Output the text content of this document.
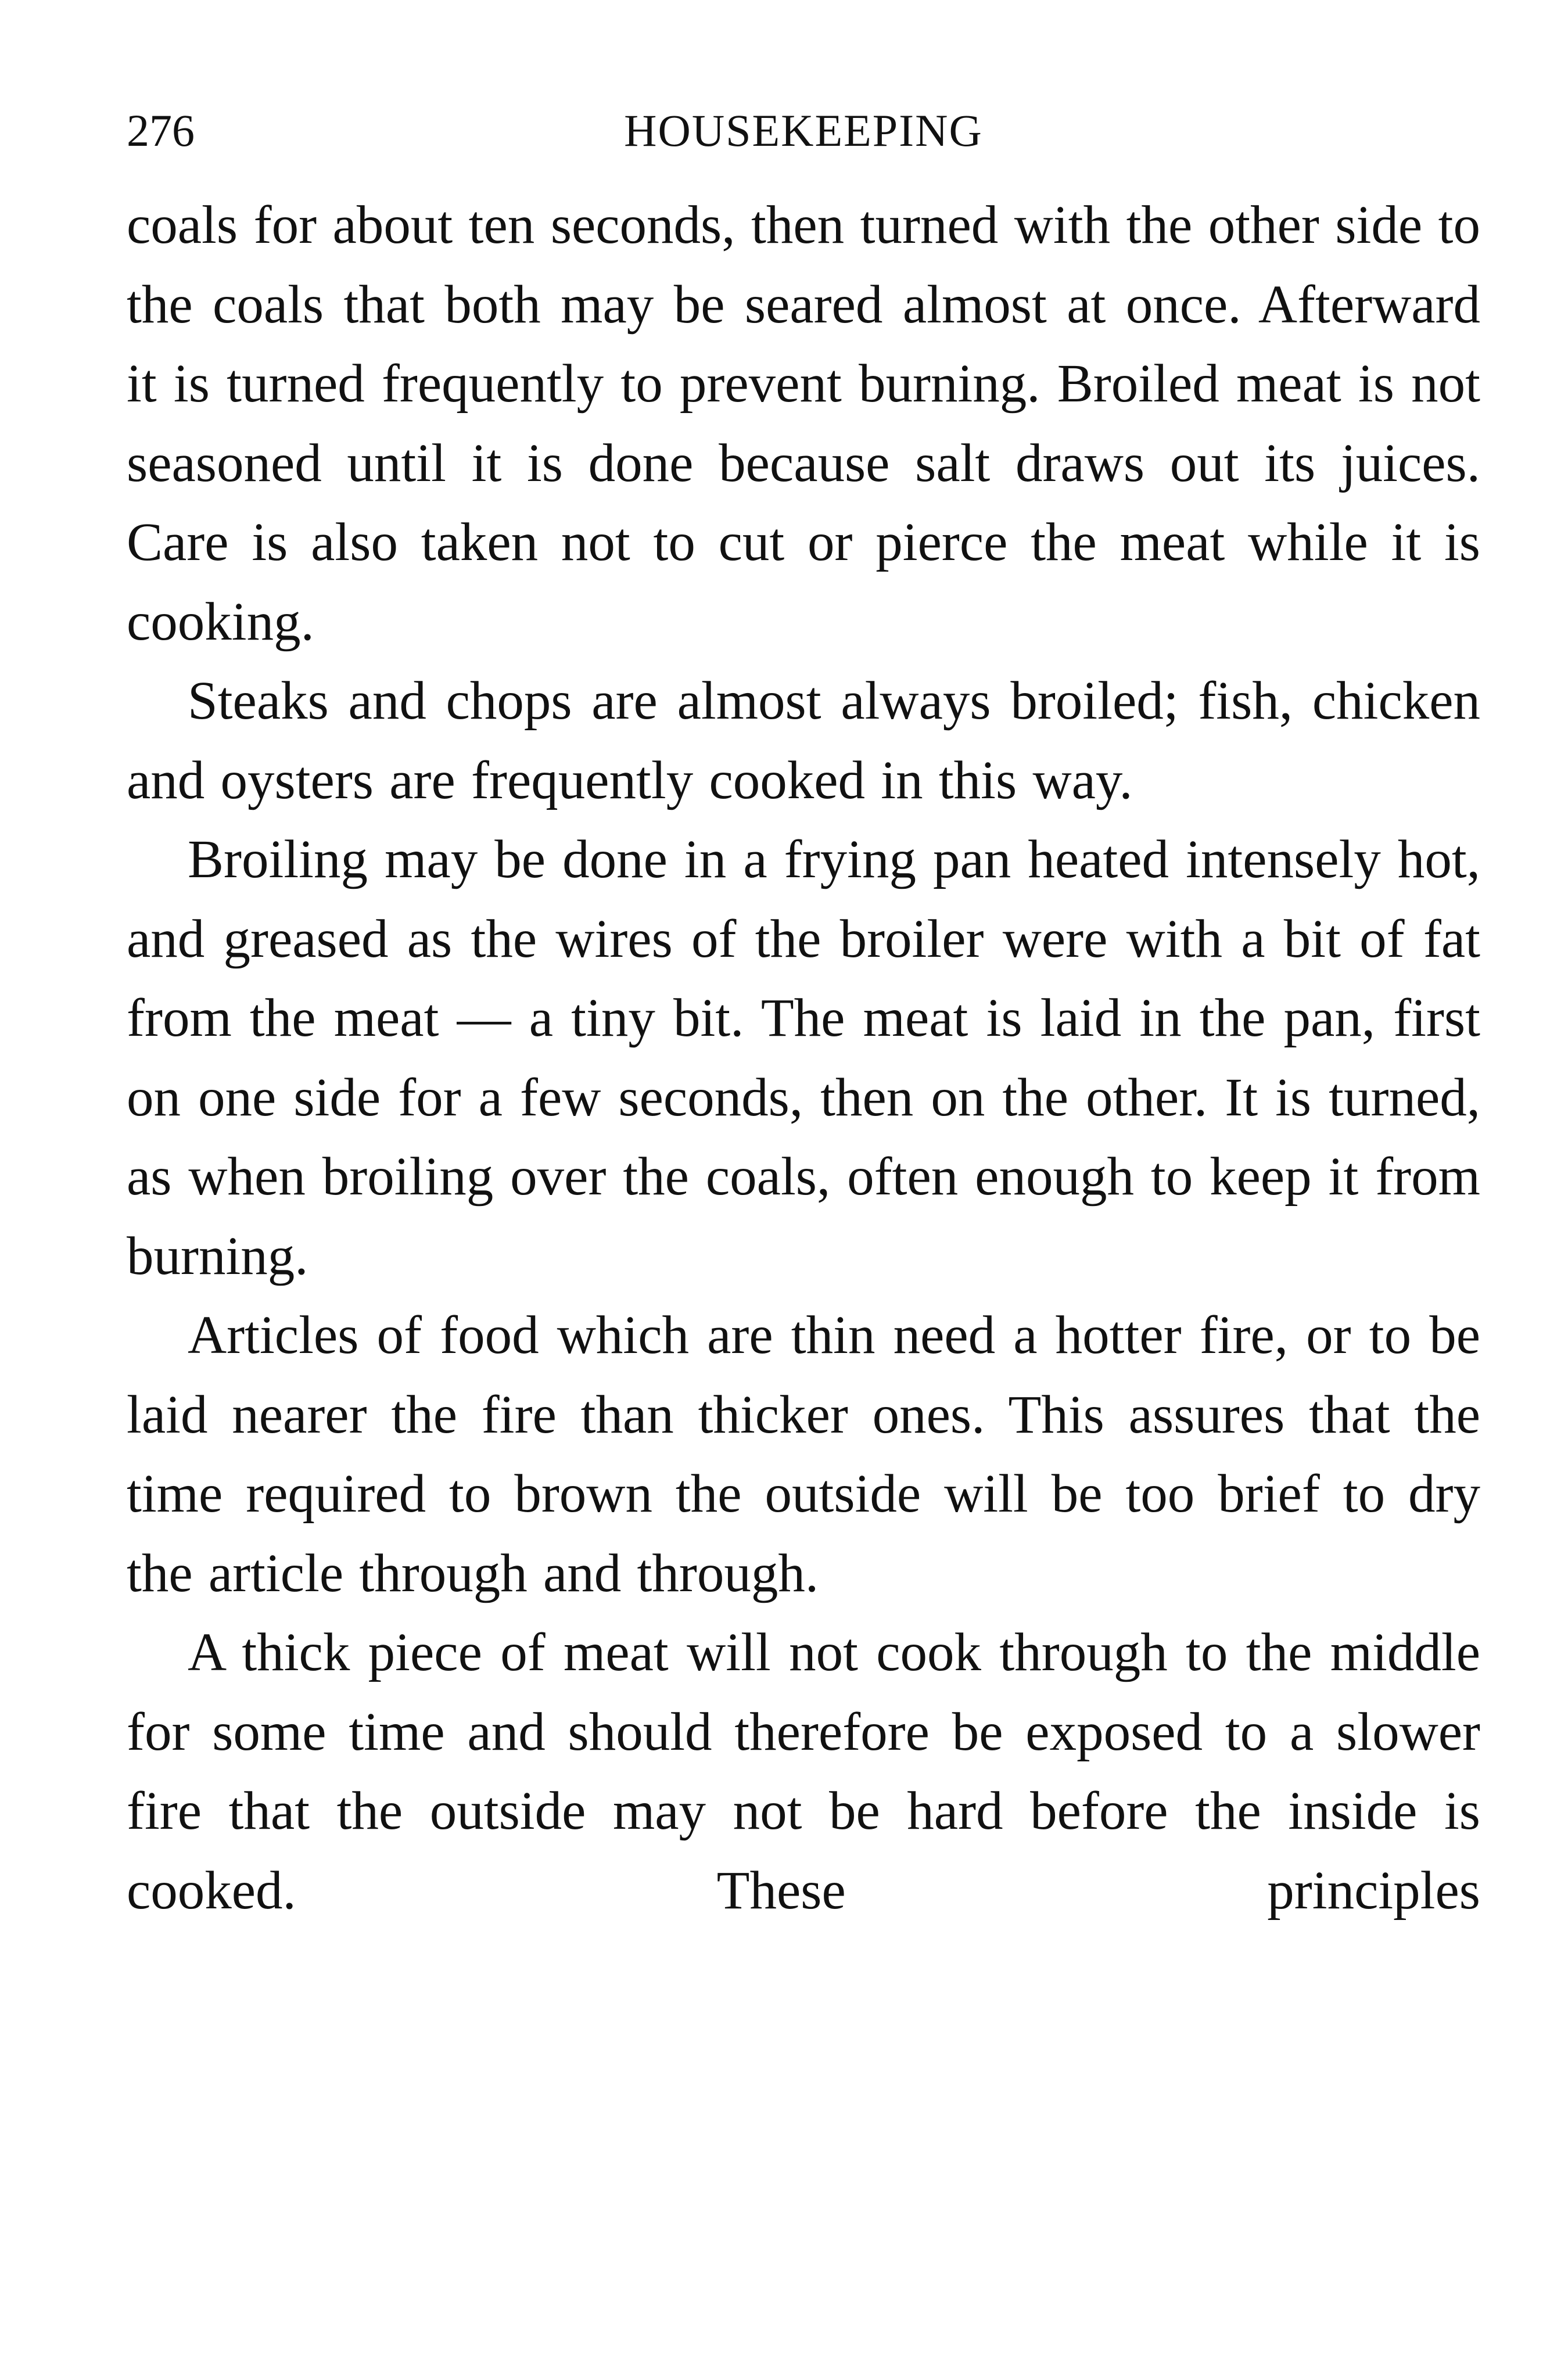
276	HOUSEKEEPING

coals for about ten seconds, then turned with the other side to the coals that both may be seared almost at once. Afterward it is turned frequently to prevent burning. Broiled meat is not seasoned until it is done because salt draws out its juices. Care is also taken not to cut or pierce the meat while it is cooking.

Steaks and chops are almost always broiled; fish, chicken and oysters are frequently cooked in this way.

Broiling may be done in a frying pan heated intensely hot, and greased as the wires of the broiler were with a bit of fat from the meat — a tiny bit. The meat is laid in the pan, first on one side for a few seconds, then on the other. It is turned, as when broiling over the coals, often enough to keep it from burning.

Articles of food which are thin need a hotter fire, or to be laid nearer the fire than thicker ones. This assures that the time required to brown the outside will be too brief to dry the article through and through.

A thick piece of meat will not cook through to the middle for some time and should therefore be exposed to a slower fire that the outside may not be hard before the inside is cooked. These principles
